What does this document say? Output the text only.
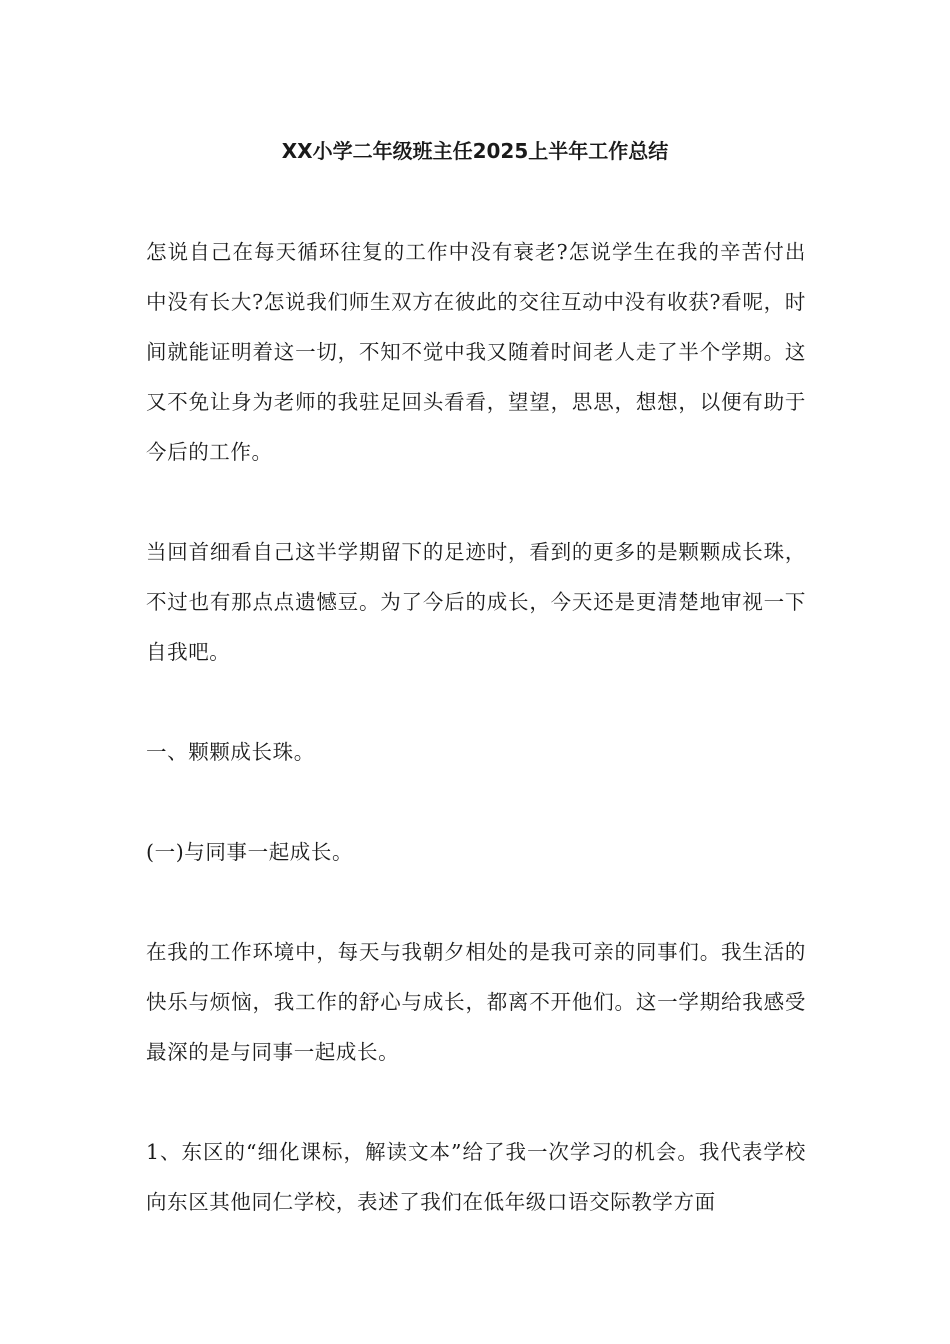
XX小学二年级班主任2025上半年工作总结

怎说自己在每天循环往复的工作中没有衰老?怎说学生在我的辛苦付出中没有长大?怎说我们师生双方在彼此的交往互动中没有收获?看呢，时间就能证明着这一切，不知不觉中我又随着时间老人走了半个学期。这又不免让身为老师的我驻足回头看看，望望，思思，想想，以便有助于今后的工作。

当回首细看自己这半学期留下的足迹时，看到的更多的是颗颗成长珠，不过也有那点点遗憾豆。为了今后的成长，今天还是更清楚地审视一下自我吧。

一、颗颗成长珠。

(一)与同事一起成长。

在我的工作环境中，每天与我朝夕相处的是我可亲的同事们。我生活的快乐与烦恼，我工作的舒心与成长，都离不开他们。这一学期给我感受最深的是与同事一起成长。

1、东区的“细化课标，解读文本”给了我一次学习的机会。我代表学校向东区其他同仁学校，表述了我们在低年级口语交际教学方面
